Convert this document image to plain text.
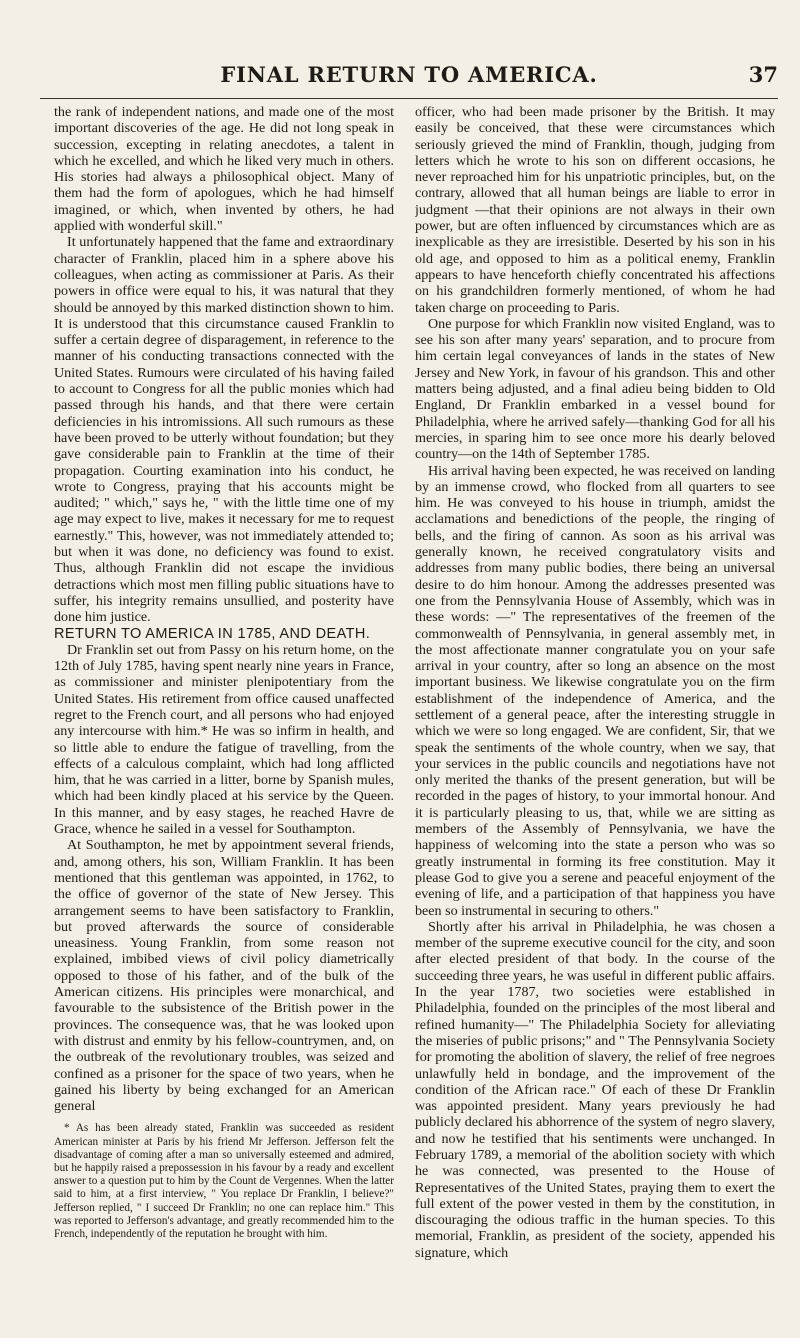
FINAL RETURN TO AMERICA.	37

the rank of independent nations, and made one of the most important discoveries of the age. He did not long speak in succession, excepting in relating anecdotes, a talent in which he excelled, and which he liked very much in others. His stories had always a philosophical object. Many of them had the form of apologues, which he had himself imagined, or which, when invented by others, he had applied with wonderful skill."

It unfortunately happened that the fame and extraordinary character of Franklin, placed him in a sphere above his colleagues, when acting as commissioner at Paris. As their powers in office were equal to his, it was natural that they should be annoyed by this marked distinction shown to him. It is understood that this circumstance caused Franklin to suffer a certain degree of disparagement, in reference to the manner of his conducting transactions connected with the United States. Rumours were circulated of his having failed to account to Congress for all the public monies which had passed through his hands, and that there were certain deficiencies in his intromissions. All such rumours as these have been proved to be utterly without foundation; but they gave considerable pain to Franklin at the time of their propagation. Courting examination into his conduct, he wrote to Congress, praying that his accounts might be audited; " which," says he, " with the little time one of my age may expect to live, makes it necessary for me to request earnestly." This, however, was not immediately attended to; but when it was done, no deficiency was found to exist. Thus, although Franklin did not escape the invidious detractions which most men filling public situations have to suffer, his integrity remains unsullied, and posterity have done him justice.

RETURN TO AMERICA IN 1785, AND DEATH.

Dr Franklin set out from Passy on his return home, on the 12th of July 1785, having spent nearly nine years in France, as commissioner and minister plenipotentiary from the United States. His retirement from office caused unaffected regret to the French court, and all persons who had enjoyed any intercourse with him.* He was so infirm in health, and so little able to endure the fatigue of travelling, from the effects of a calculous complaint, which had long afflicted him, that he was carried in a litter, borne by Spanish mules, which had been kindly placed at his service by the Queen. In this manner, and by easy stages, he reached Havre de Grace, whence he sailed in a vessel for Southampton.

At Southampton, he met by appointment several friends, and, among others, his son, William Franklin. It has been mentioned that this gentleman was appointed, in 1762, to the office of governor of the state of New Jersey. This arrangement seems to have been satisfactory to Franklin, but proved afterwards the source of considerable uneasiness. Young Franklin, from some reason not explained, imbibed views of civil policy diametrically opposed to those of his father, and of the bulk of the American citizens. His principles were monarchical, and favourable to the subsistence of the British power in the provinces. The consequence was, that he was looked upon with distrust and enmity by his fellow-countrymen, and, on the outbreak of the revolutionary troubles, was seized and confined as a prisoner for the space of two years, when he gained his liberty by being exchanged for an American general

* As has been already stated, Franklin was succeeded as resident American minister at Paris by his friend Mr Jefferson. Jefferson felt the disadvantage of coming after a man so universally esteemed and admired, but he happily raised a prepossession in his favour by a ready and excellent answer to a question put to him by the Count de Vergennes. When the latter said to him, at a first interview, " You replace Dr Franklin, I believe?" Jefferson replied, " I succeed Dr Franklin; no one can replace him." This was reported to Jefferson's advantage, and greatly recommended him to the French, independently of the reputation he brought with him.

officer, who had been made prisoner by the British. It may easily be conceived, that these were circumstances which seriously grieved the mind of Franklin, though, judging from letters which he wrote to his son on different occasions, he never reproached him for his unpatriotic principles, but, on the contrary, allowed that all human beings are liable to error in judgment —that their opinions are not always in their own power, but are often influenced by circumstances which are as inexplicable as they are irresistible. Deserted by his son in his old age, and opposed to him as a political enemy, Franklin appears to have henceforth chiefly concentrated his affections on his grandchildren formerly mentioned, of whom he had taken charge on proceeding to Paris.

One purpose for which Franklin now visited England, was to see his son after many years' separation, and to procure from him certain legal conveyances of lands in the states of New Jersey and New York, in favour of his grandson. This and other matters being adjusted, and a final adieu being bidden to Old England, Dr Franklin embarked in a vessel bound for Philadelphia, where he arrived safely—thanking God for all his mercies, in sparing him to see once more his dearly beloved country—on the 14th of September 1785.

His arrival having been expected, he was received on landing by an immense crowd, who flocked from all quarters to see him. He was conveyed to his house in triumph, amidst the acclamations and benedictions of the people, the ringing of bells, and the firing of cannon. As soon as his arrival was generally known, he received congratulatory visits and addresses from many public bodies, there being an universal desire to do him honour. Among the addresses presented was one from the Pennsylvania House of Assembly, which was in these words: —" The representatives of the freemen of the commonwealth of Pennsylvania, in general assembly met, in the most affectionate manner congratulate you on your safe arrival in your country, after so long an absence on the most important business. We likewise congratulate you on the firm establishment of the independence of America, and the settlement of a general peace, after the interesting struggle in which we were so long engaged. We are confident, Sir, that we speak the sentiments of the whole country, when we say, that your services in the public councils and negotiations have not only merited the thanks of the present generation, but will be recorded in the pages of history, to your immortal honour. And it is particularly pleasing to us, that, while we are sitting as members of the Assembly of Pennsylvania, we have the happiness of welcoming into the state a person who was so greatly instrumental in forming its free constitution. May it please God to give you a serene and peaceful enjoyment of the evening of life, and a participation of that happiness you have been so instrumental in securing to others."

Shortly after his arrival in Philadelphia, he was chosen a member of the supreme executive council for the city, and soon after elected president of that body. In the course of the succeeding three years, he was useful in different public affairs. In the year 1787, two societies were established in Philadelphia, founded on the principles of the most liberal and refined humanity—" The Philadelphia Society for alleviating the miseries of public prisons;" and " The Pennsylvania Society for promoting the abolition of slavery, the relief of free negroes unlawfully held in bondage, and the improvement of the condition of the African race." Of each of these Dr Franklin was appointed president. Many years previously he had publicly declared his abhorrence of the system of negro slavery, and now he testified that his sentiments were unchanged. In February 1789, a memorial of the abolition society with which he was connected, was presented to the House of Representatives of the United States, praying them to exert the full extent of the power vested in them by the constitution, in discouraging the odious traffic in the human species. To this memorial, Franklin, as president of the society, appended his signature, which
